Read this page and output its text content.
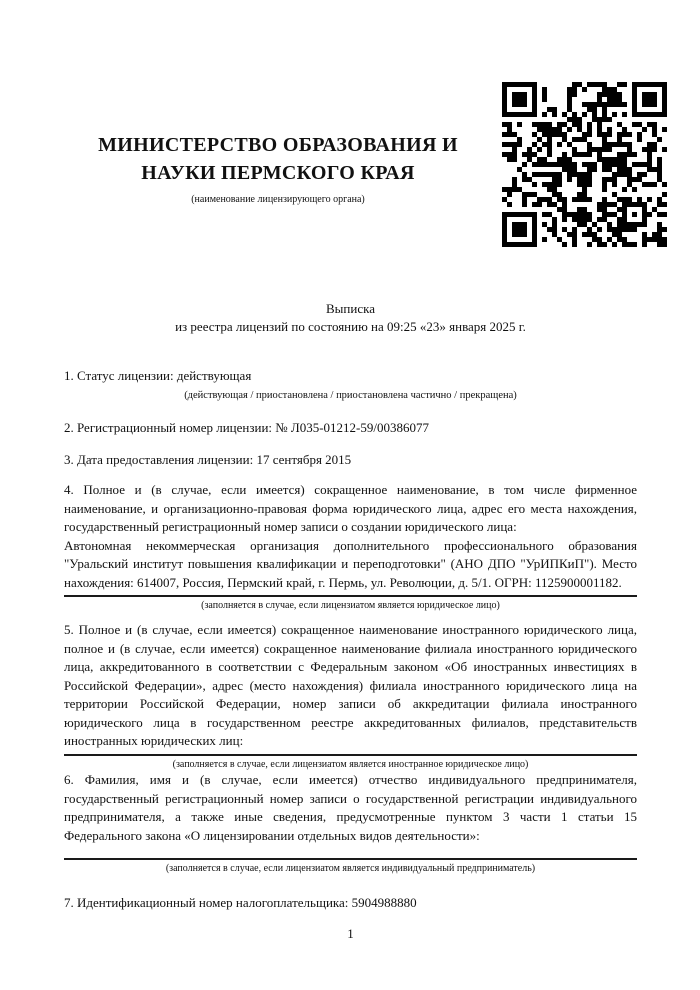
МИНИСТЕРСТВО ОБРАЗОВАНИЯ И НАУКИ ПЕРМСКОГО КРАЯ
(наименование лицензирующего органа)
Выписка
из реестра лицензий по состоянию на 09:25 «23» января 2025 г.
1. Статус лицензии: действующая
(действующая / приостановлена / приостановлена частично / прекращена)
2. Регистрационный номер лицензии: № Л035-01212-59/00386077
3. Дата предоставления лицензии: 17 сентября 2015

4. Полное и (в случае, если имеется) сокращенное наименование, в том числе фирменное наименование, и организационно-правовая форма юридического лица, адрес его места нахождения, государственный регистрационный номер записи о создании юридического лица:

Автономная некоммерческая организация дополнительного профессионального образования "Уральский институт повышения квалификации и переподготовки" (АНО ДПО "УрИПКиП"). Место нахождения: 614007, Россия, Пермский край, г. Пермь, ул. Революции, д. 5/1. ОГРН: 1125900001182.

(заполняется в случае, если лицензиатом является юридическое лицо)

5. Полное и (в случае, если имеется) сокращенное наименование иностранного юридического лица, полное и (в случае, если имеется) сокращенное наименование филиала иностранного юридического лица, аккредитованного в соответствии с Федеральным законом «Об иностранных инвестициях в Российской Федерации», адрес (место нахождения) филиала иностранного юридического лица на территории Российской Федерации, номер записи об аккредитации филиала иностранного юридического лица в государственном реестре аккредитованных филиалов, представительств иностранных юридических лиц:

(заполняется в случае, если лицензиатом является иностранное юридическое лицо)

6. Фамилия, имя и (в случае, если имеется) отчество индивидуального предпринимателя, государственный регистрационный номер записи о государственной регистрации индивидуального предпринимателя, а также иные сведения, предусмотренные пунктом 3 части 1 статьи 15 Федерального закона «О лицензировании отдельных видов деятельности»:

(заполняется в случае, если лицензиатом является индивидуальный предприниматель)
7. Идентификационный номер налогоплательщика: 5904988880
1
